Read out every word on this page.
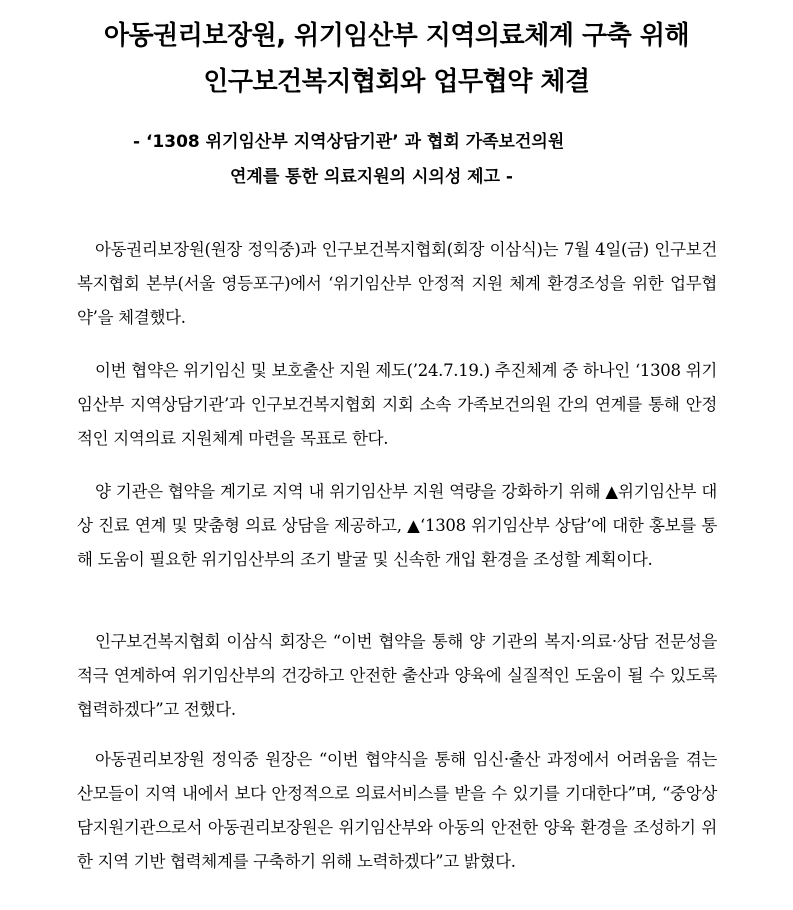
아동권리보장원, 위기임산부 지역의료체계 구축 위해
인구보건복지협회와 업무협약 체결

- ‘1308 위기임산부 지역상담기관’ 과 협회 가족보건의원

연계를 통한 의료지원의 시의성 제고 -

아동권리보장원(원장 정익중)과 인구보건복지협회(회장 이삼식)는 7월 4일(금) 인구보건복지협회 본부(서울 영등포구)에서 ‘위기임산부 안정적 지원 체계 환경조성을 위한 업무협약’을 체결했다.

이번 협약은 위기임신 및 보호출산 지원 제도(’24.7.19.) 추진체계 중 하나인 ‘1308 위기임산부 지역상담기관’과 인구보건복지협회 지회 소속 가족보건의원 간의 연계를 통해 안정적인 지역의료 지원체계 마련을 목표로 한다.

양 기관은 협약을 계기로 지역 내 위기임산부 지원 역량을 강화하기 위해 ▲위기임산부 대상 진료 연계 및 맞춤형 의료 상담을 제공하고, ▲‘1308 위기임산부 상담’에 대한 홍보를 통해 도움이 필요한 위기임산부의 조기 발굴 및 신속한 개입 환경을 조성할 계획이다.

인구보건복지협회 이삼식 회장은 “이번 협약을 통해 양 기관의 복지·의료·상담 전문성을 적극 연계하여 위기임산부의 건강하고 안전한 출산과 양육에 실질적인 도움이 될 수 있도록 협력하겠다”고 전했다.

아동권리보장원 정익중 원장은 “이번 협약식을 통해 임신·출산 과정에서 어려움을 겪는 산모들이 지역 내에서 보다 안정적으로 의료서비스를 받을 수 있기를 기대한다”며, “중앙상담지원기관으로서 아동권리보장원은 위기임산부와 아동의 안전한 양육 환경을 조성하기 위한 지역 기반 협력체계를 구축하기 위해 노력하겠다”고 밝혔다.
